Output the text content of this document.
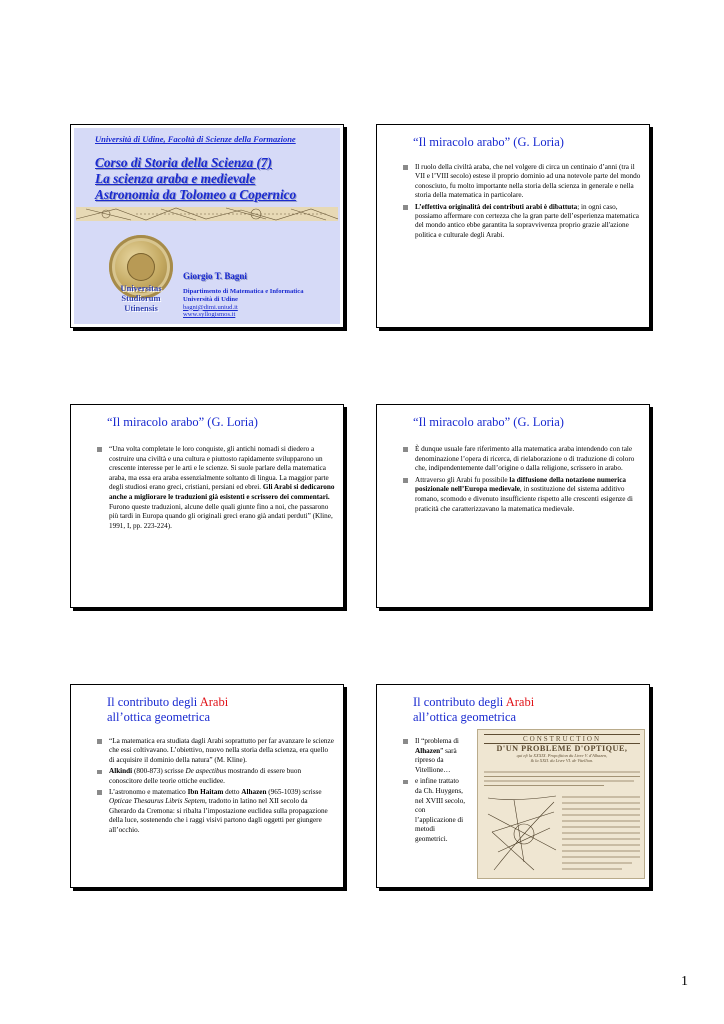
Università di Udine, Facoltà di Scienze della Formazione
Corso di Storia della Scienza (7)
La scienza araba e medievale
Astronomia da Tolomeo a Copernico
Universitas
Studiorum
Utinensis
Giorgio T. Bagni
Dipartimento di Matematica e Informatica
Università di Udine
bagni@dimi.uniud.it
www.syllogismos.it
“Il miracolo arabo” (G. Loria)
Il ruolo della civiltà araba, che nel volgere di circa un centinaio d’anni (tra il VII e l’VIII secolo) estese il proprio dominio ad una notevole parte del mondo conosciuto, fu molto importante nella storia della scienza in generale e nella storia della matematica in particolare.
L’effettiva originalità dei contributi arabi è dibattuta; in ogni caso, possiamo affermare con certezza che la gran parte dell’esperienza matematica del mondo antico ebbe garantita la sopravvivenza proprio grazie all'azione politica e culturale degli Arabi.
“Il miracolo arabo” (G. Loria)
“Una volta completate le loro conquiste, gli antichi nomadi si diedero a costruire una civiltà e una cultura e piuttosto rapidamente svilupparono un crescente interesse per le arti e le scienze. Si suole parlare della matematica araba, ma essa era araba essenzialmente soltanto di lingua. La maggior parte degli studiosi erano greci, cristiani, persiani ed ebrei. Gli Arabi si dedicarono anche a migliorare le traduzioni già esistenti e scrissero dei commentari. Furono queste traduzioni, alcune delle quali giunte fino a noi, che passarono più tardi in Europa quando gli originali greci erano già andati perduti” (Kline, 1991, I, pp. 223-224).
“Il miracolo arabo” (G. Loria)
È dunque usuale fare riferimento alla matematica araba intendendo con tale denominazione l’opera di ricerca, di rielaborazione o di traduzione di coloro che, indipendentemente dall’origine o dalla religione, scrissero in arabo.
Attraverso gli Arabi fu possibile la diffusione della notazione numerica posizionale nell’Europa medievale, in sostituzione del sistema additivo romano, scomodo e divenuto insufficiente rispetto alle crescenti esigenze di praticità che caratterizzavano la matematica medievale.
Il contributo degli Arabi
all’ottica geometrica
“La matematica era studiata dagli Arabi soprattutto per far avanzare le scienze che essi coltivavano. L’obiettivo, nuovo nella storia della scienza, era quello di acquisire il dominio della natura” (M. Kline).
Alkindi (800-873) scrisse De aspectibus mostrando di essere buon conoscitore delle teorie ottiche euclidee.
L’astronomo e matematico Ibn Haitam detto Alhazen (965-1039) scrisse Opticae Thesaurus Libris Septem, tradotto in latino nel XII secolo da Gherardo da Cremona: si ribalta l’impostazione euclidea sulla propagazione della luce, sostenendo che i raggi visivi partono dagli oggetti per giungere all’occhio.
Il contributo degli Arabi
all’ottica geometrica
Il “problema di Alhazen” sarà ripreso da Vitellione…
e infine trattato da Ch. Huygens, nel XVIII secolo, con l’applicazione di metodi geometrici.
CONSTRUCTION
D'UN PROBLEME D'OPTIQUE,
qui eft la XXXIX. Propofition du Livre V. d'Alhazen,
& la XXII. du Livre VI. de Vitellion.
1
